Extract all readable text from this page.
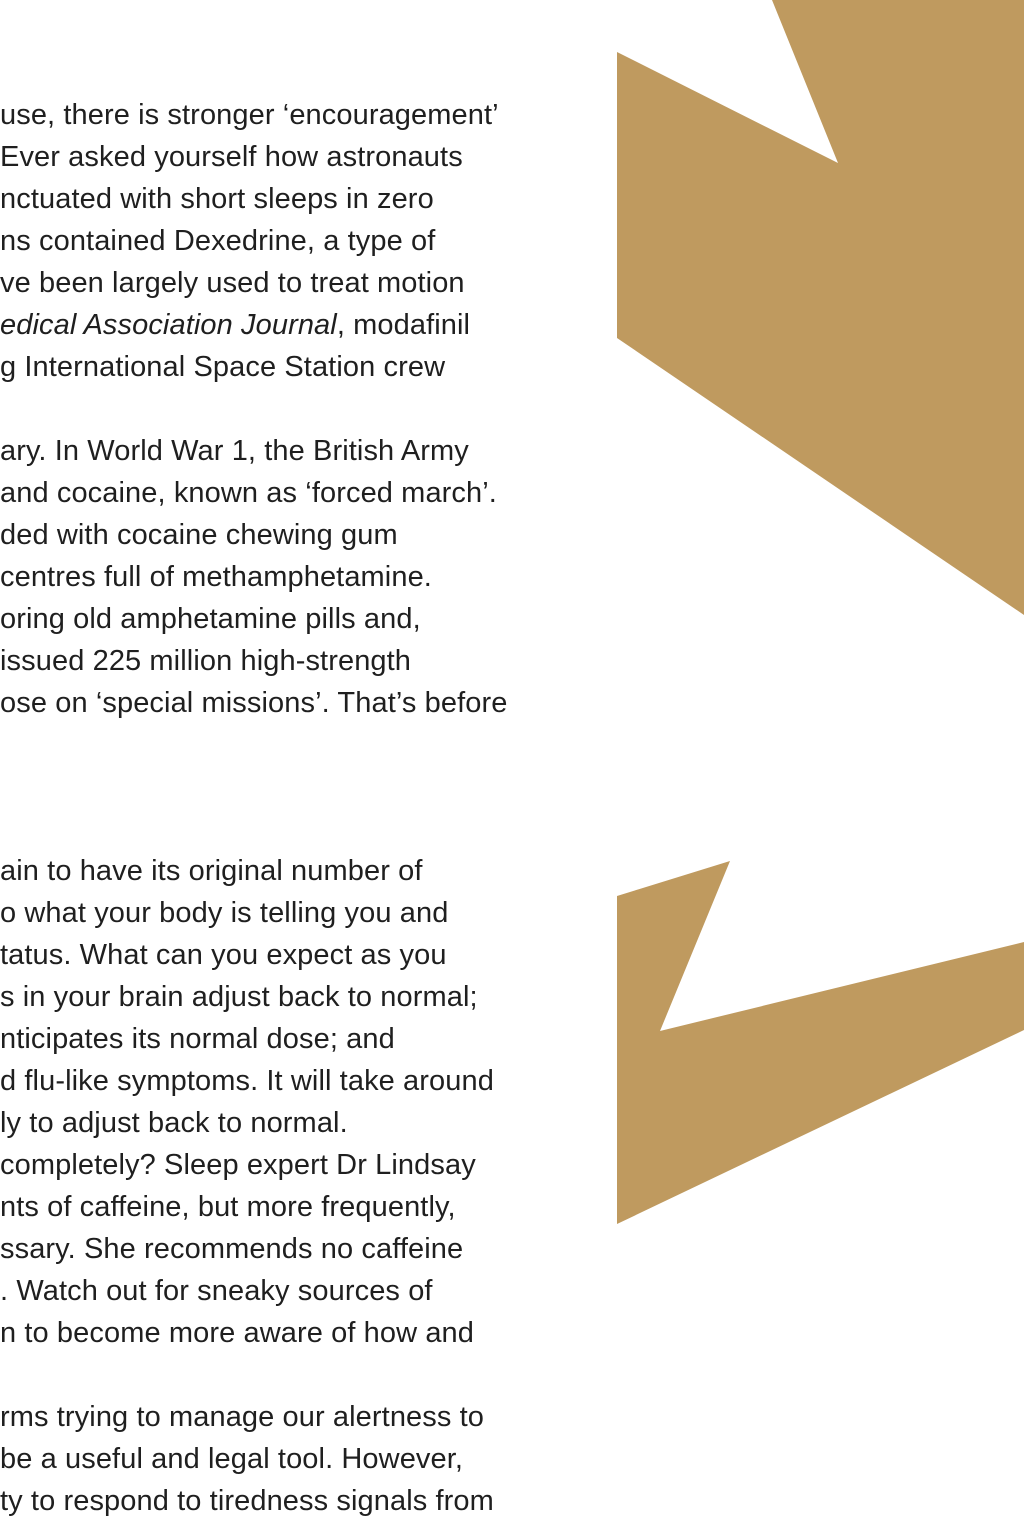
use, there is stronger ‘encouragement’
Ever asked yourself how astronauts
nctuated with short sleeps in zero
ns contained Dexedrine, a type of
ve been largely used to treat motion
edical Association Journal, modafinil
g International Space Station crew
ary. In World War 1, the British Army
and cocaine, known as ‘forced march’.
ded with cocaine chewing gum
centres full of methamphetamine.
oring old amphetamine pills and,
issued 225 million high-strength
ose on ‘special missions’. That’s before
ain to have its original number of
o what your body is telling you and
tatus. What can you expect as you
s in your brain adjust back to normal;
nticipates its normal dose; and
d flu-like symptoms. It will take around
ly to adjust back to normal.
completely? Sleep expert Dr Lindsay
nts of caffeine, but more frequently,
ssary. She recommends no caffeine
. Watch out for sneaky sources of
n to become more aware of how and
rms trying to manage our alertness to
be a useful and legal tool. However,
ty to respond to tiredness signals from
